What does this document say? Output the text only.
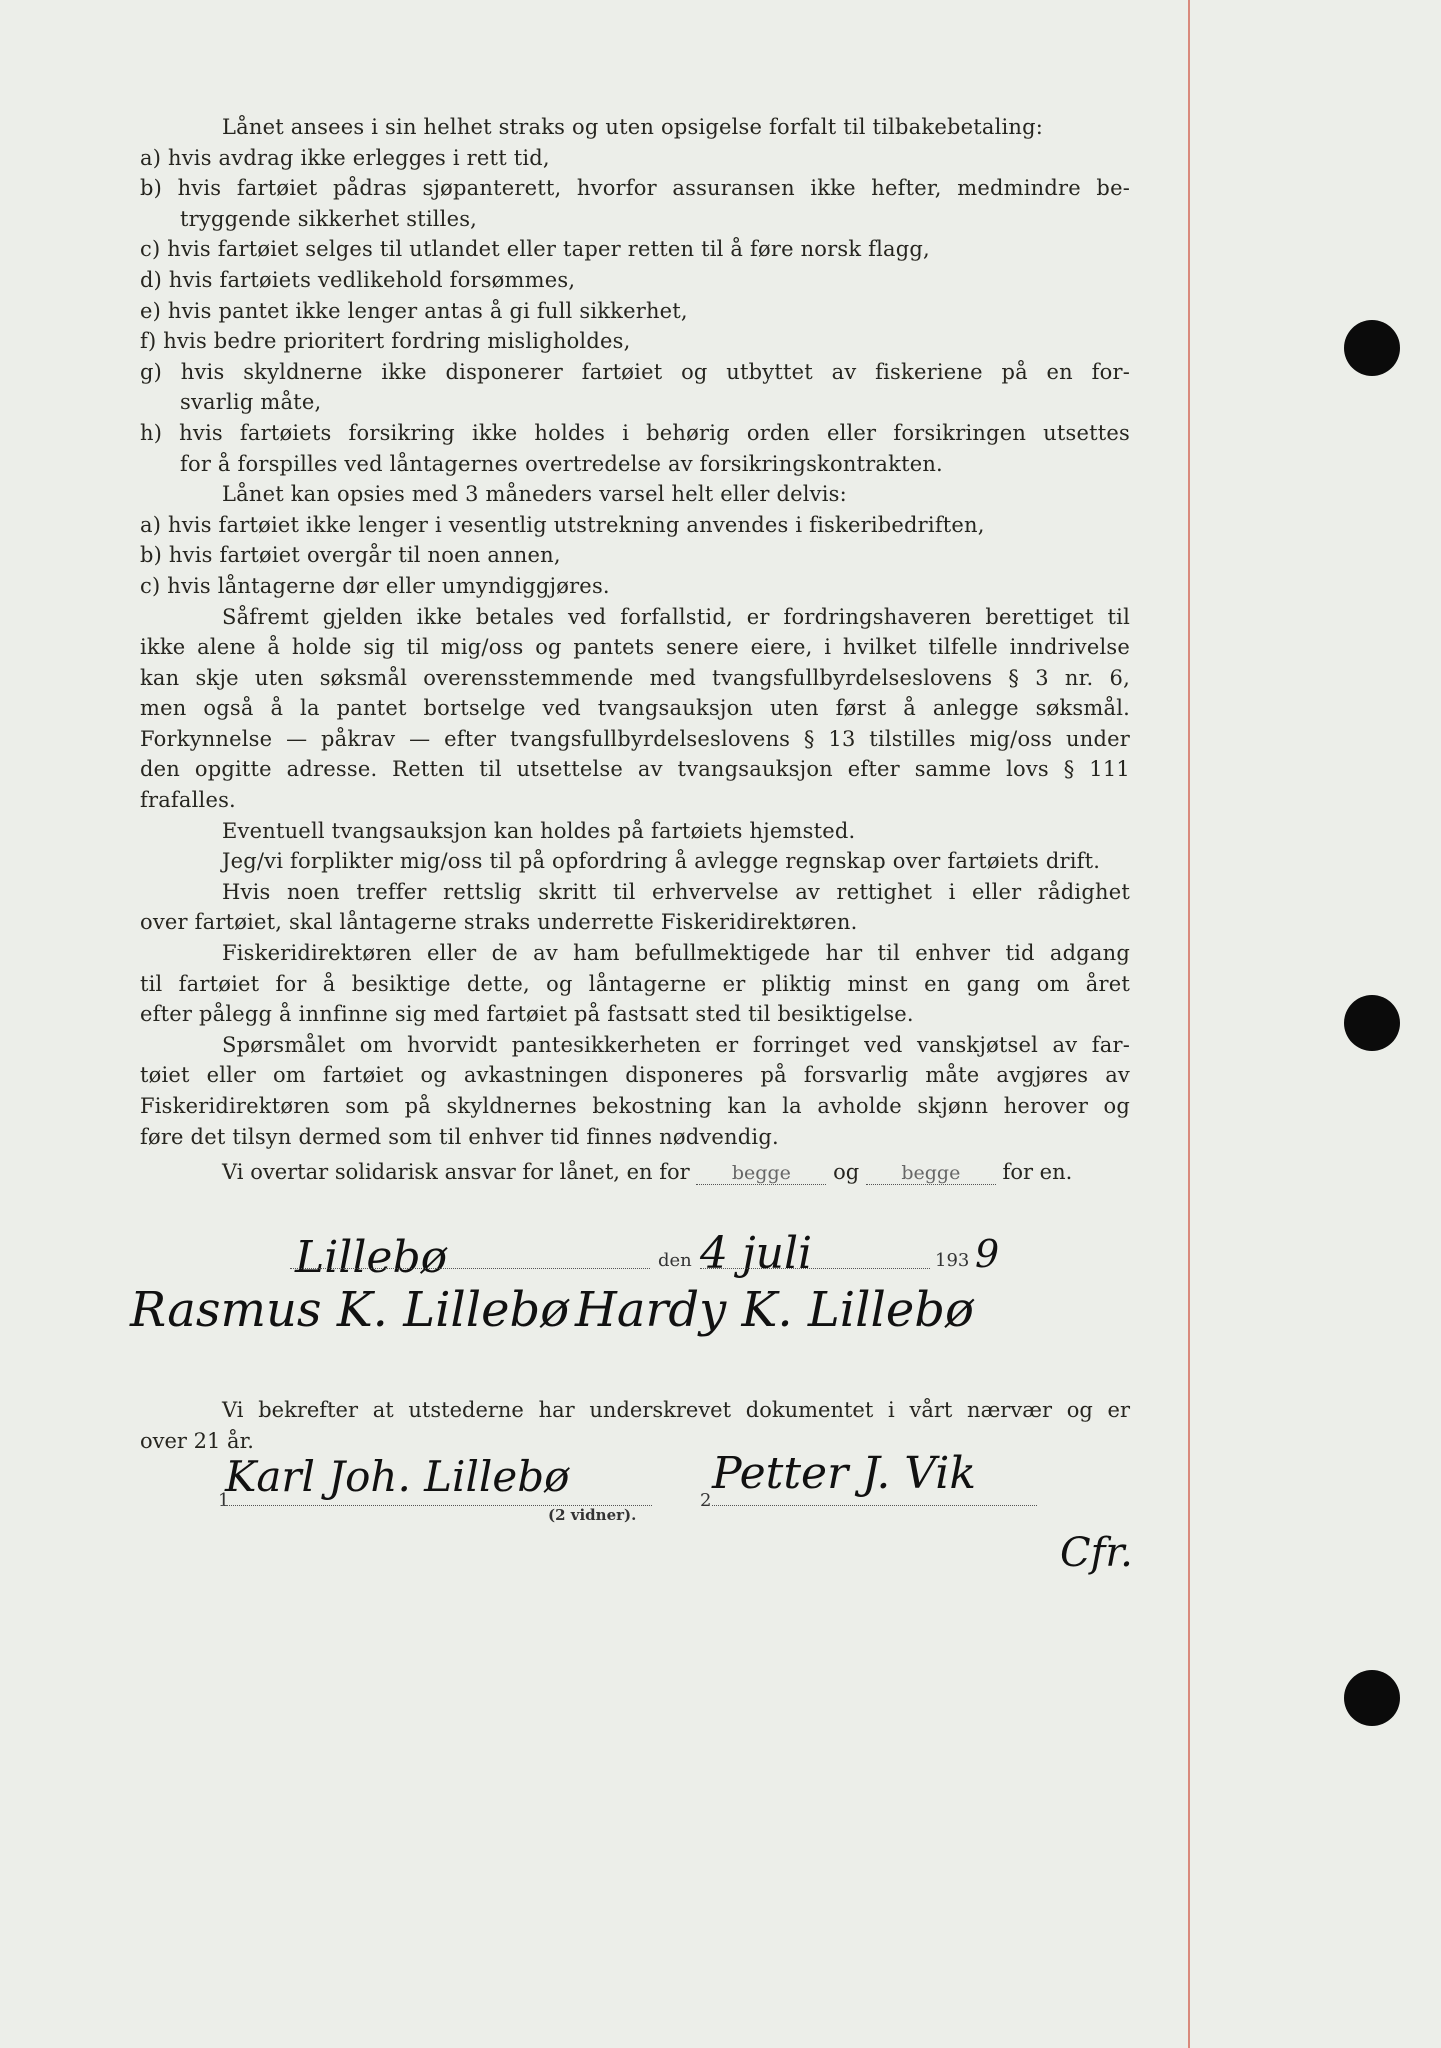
Lånet ansees i sin helhet straks og uten opsigelse forfalt til tilbakebetaling:
a) hvis avdrag ikke erlegges i rett tid,
b) hvis fartøiet pådras sjøpanterett, hvorfor assuransen ikke hefter, medmindre be-
tryggende sikkerhet stilles,
c) hvis fartøiet selges til utlandet eller taper retten til å føre norsk flagg,
d) hvis fartøiets vedlikehold forsømmes,
e) hvis pantet ikke lenger antas å gi full sikkerhet,
f) hvis bedre prioritert fordring misligholdes,
g) hvis skyldnerne ikke disponerer fartøiet og utbyttet av fiskeriene på en for-
svarlig måte,
h) hvis fartøiets forsikring ikke holdes i behørig orden eller forsikringen utsettes
for å forspilles ved låntagernes overtredelse av forsikringskontrakten.
Lånet kan opsies med 3 måneders varsel helt eller delvis:
a) hvis fartøiet ikke lenger i vesentlig utstrekning anvendes i fiskeribedriften,
b) hvis fartøiet overgår til noen annen,
c) hvis låntagerne dør eller umyndiggjøres.
Såfremt gjelden ikke betales ved forfallstid, er fordringshaveren berettiget til
ikke alene å holde sig til mig/oss og pantets senere eiere, i hvilket tilfelle inndrivelse
kan skje uten søksmål overensstemmende med tvangsfullbyrdelseslovens § 3 nr. 6,
men også å la pantet bortselge ved tvangsauksjon uten først å anlegge søksmål.
Forkynnelse — påkrav — efter tvangsfullbyrdelseslovens § 13 tilstilles mig/oss under
den opgitte adresse. Retten til utsettelse av tvangsauksjon efter samme lovs § 111
frafalles.
Eventuell tvangsauksjon kan holdes på fartøiets hjemsted.
Jeg/vi forplikter mig/oss til på opfordring å avlegge regnskap over fartøiets drift.
Hvis noen treffer rettslig skritt til erhvervelse av rettighet i eller rådighet
over fartøiet, skal låntagerne straks underrette Fiskeridirektøren.
Fiskeridirektøren eller de av ham befullmektigede har til enhver tid adgang
til fartøiet for å besiktige dette, og låntagerne er pliktig minst en gang om året
efter pålegg å innfinne sig med fartøiet på fastsatt sted til besiktigelse.
Spørsmålet om hvorvidt pantesikkerheten er forringet ved vanskjøtsel av far-
tøiet eller om fartøiet og avkastningen disponeres på forsvarlig måte avgjøres av
Fiskeridirektøren som på skyldnernes bekostning kan la avholde skjønn herover og
føre det tilsyn dermed som til enhver tid finnes nødvendig.
Vi overtar solidarisk ansvar for lånet, en for begge og begge for en.
Lillebø	den 4 juli	193 9
Rasmus K. Lillebø Hardy K. Lillebø
Vi bekrefter at utstederne har underskrevet dokumentet i vårt nærvær og er
over 21 år.
1
Karl Joh. Lillebø	2
Petter J. Vik
(2 vidner).
Cfr.
